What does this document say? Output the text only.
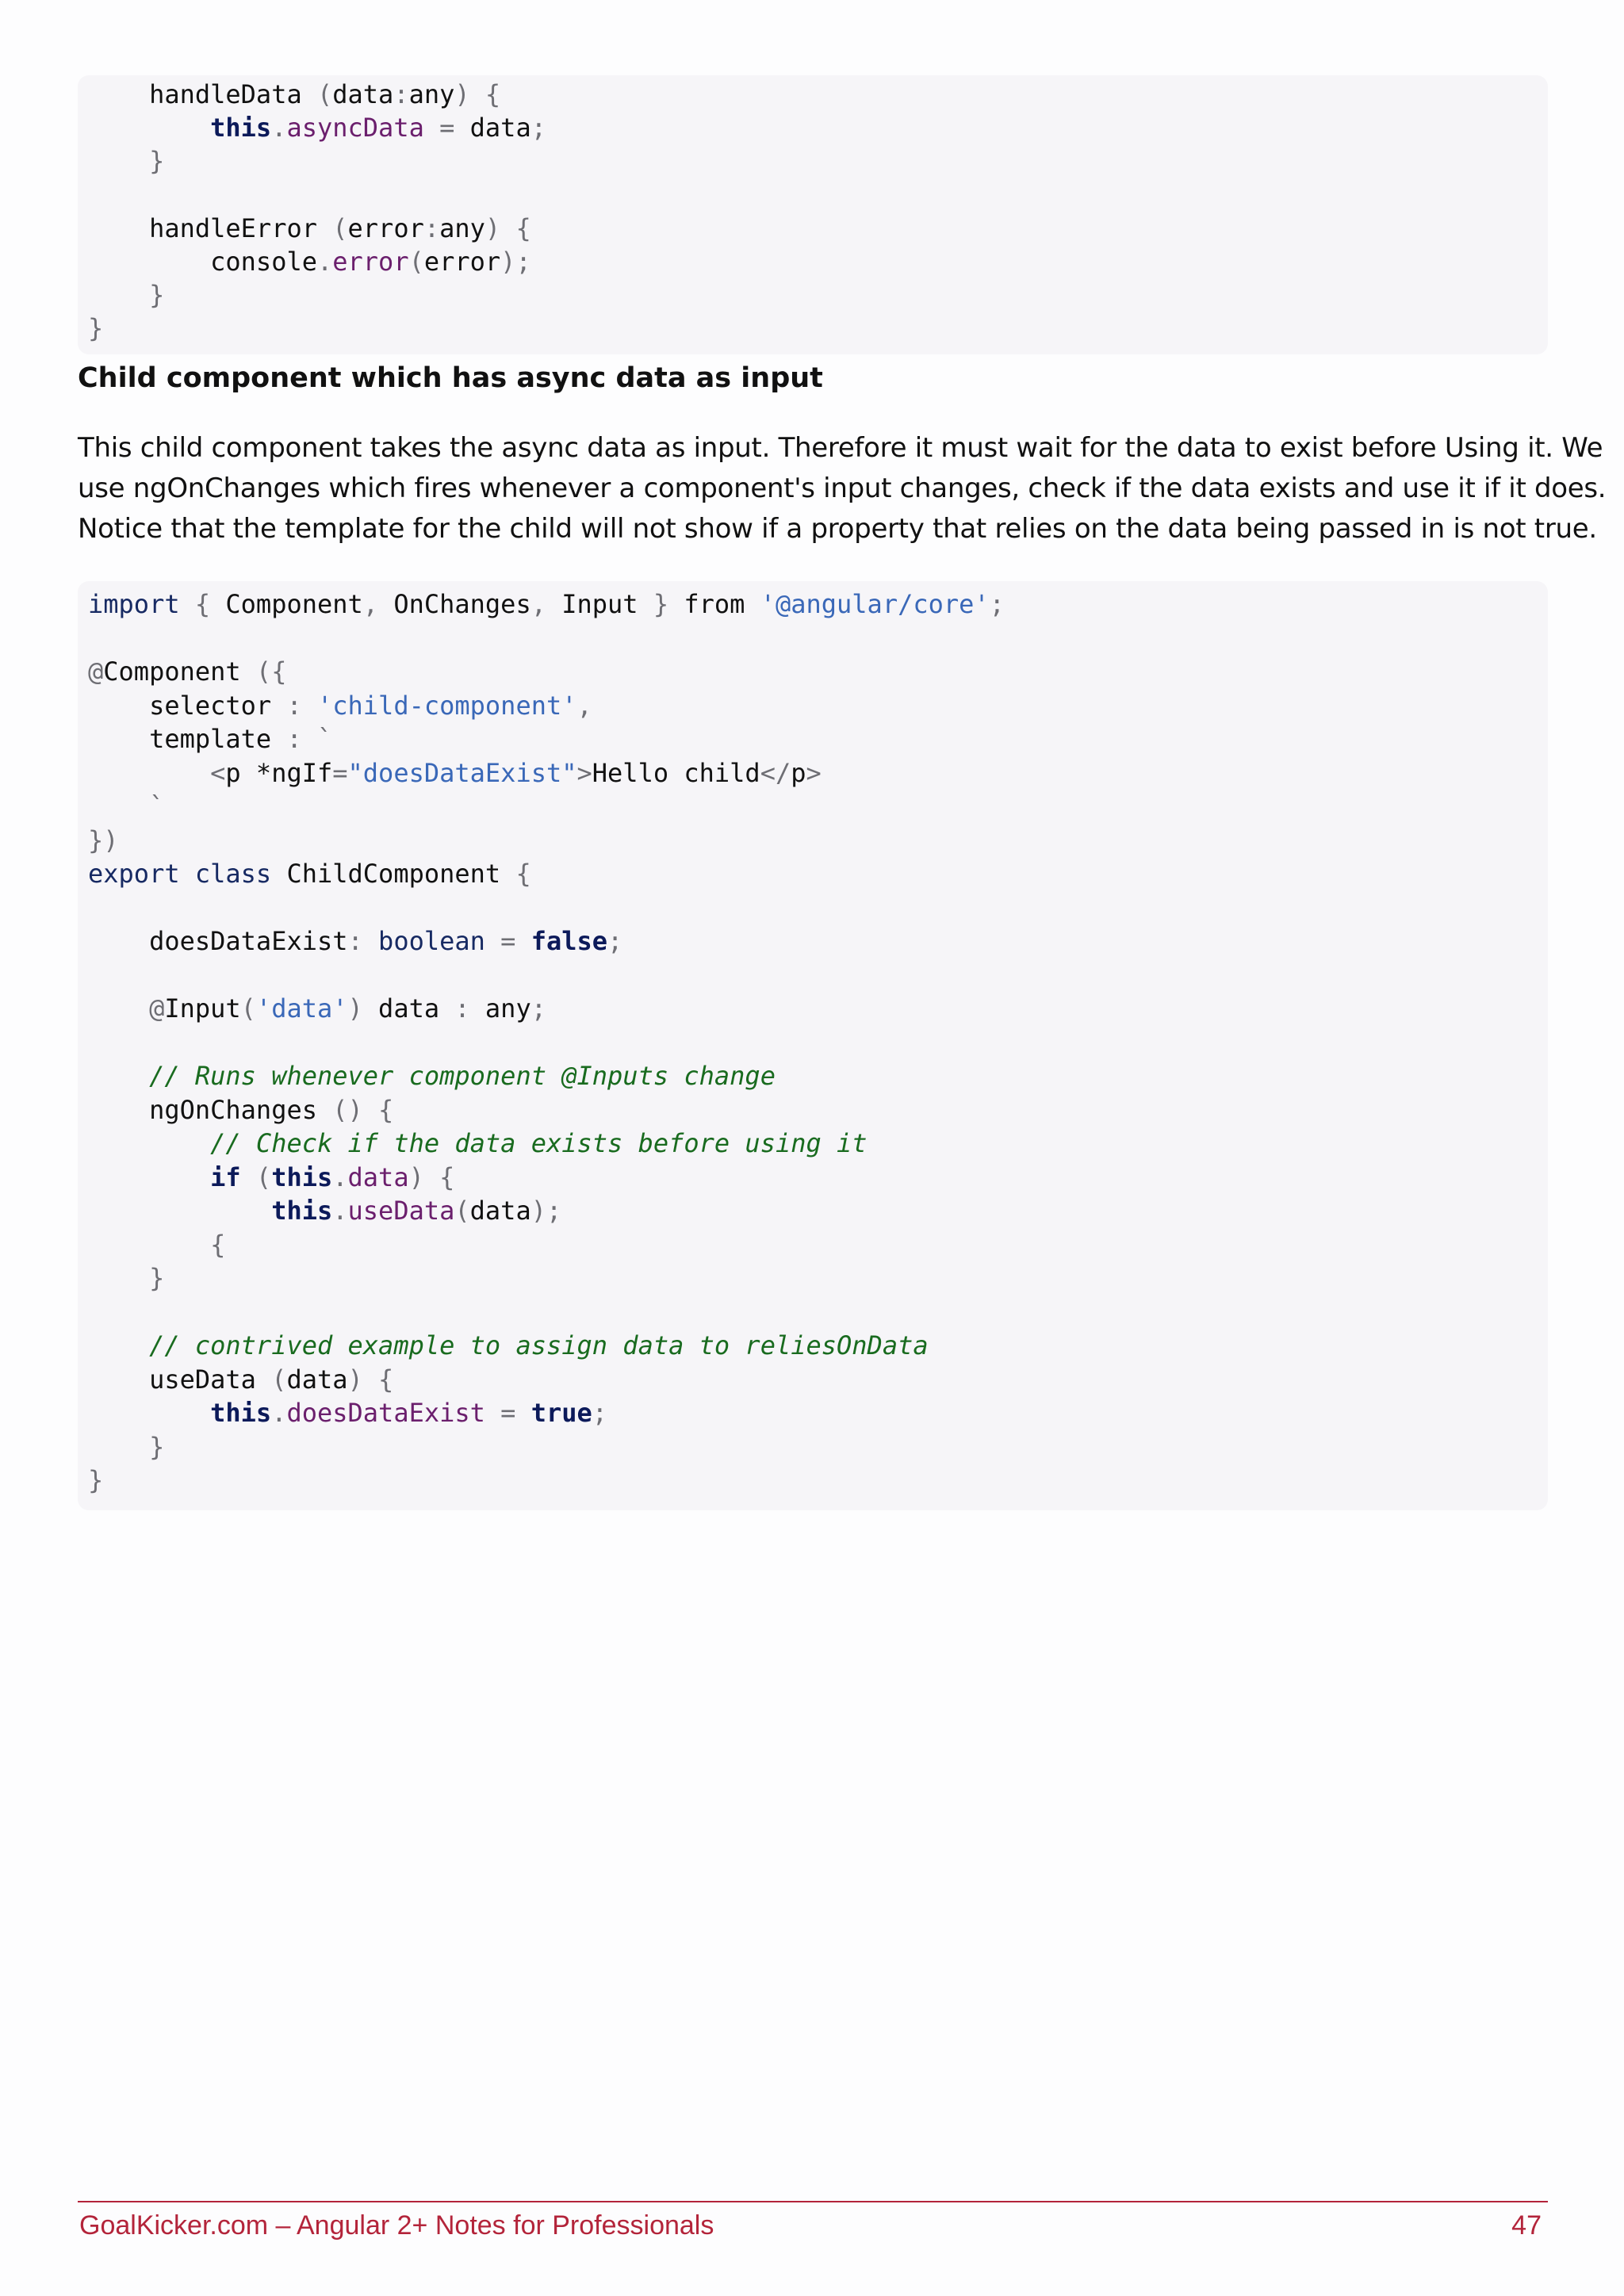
handleData (data:any) {
this.asyncData = data;
}

handleError (error:any) {
console.error(error);
}
}
Child component which has async data as input

This child component takes the async data as input. Therefore it must wait for the data to exist before Using it. We
use ngOnChanges which fires whenever a component's input changes, check if the data exists and use it if it does.
Notice that the template for the child will not show if a property that relies on the data being passed in is not true.

import { Component, OnChanges, Input } from '@angular/core';

@Component ({
selector : 'child-component',
template : `
<p *ngIf="doesDataExist">Hello child</p>
`
})
export class ChildComponent {

doesDataExist: boolean = false;

@Input('data') data : any;

// Runs whenever component @Inputs change
ngOnChanges () {
// Check if the data exists before using it
if (this.data) {
this.useData(data);
{
}

// contrived example to assign data to reliesOnData
useData (data) {
this.doesDataExist = true;
}
}
GoalKicker.com – Angular 2+ Notes for Professionals	47
